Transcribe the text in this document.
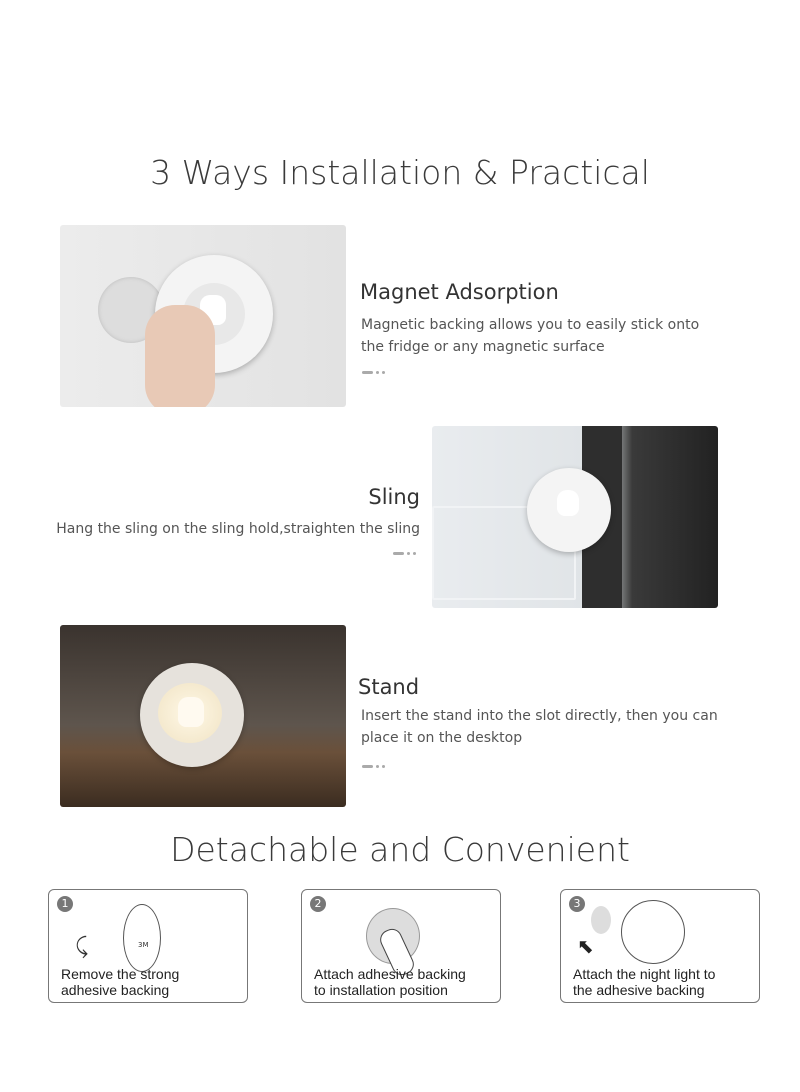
3 Ways Installation & Practical
Magnet Adsorption
Magnetic backing allows you to easily stick onto
the fridge or any magnetic surface
Sling
Hang the sling on the sling hold,straighten the sling
Stand
Insert the stand into the slot directly, then you can
place it on the desktop
Detachable and Convenient
1
3M
⤹
Remove the strong
adhesive backing
2
Attach adhesive backing
to installation position
3
⬉
Attach the night light to
the adhesive backing
